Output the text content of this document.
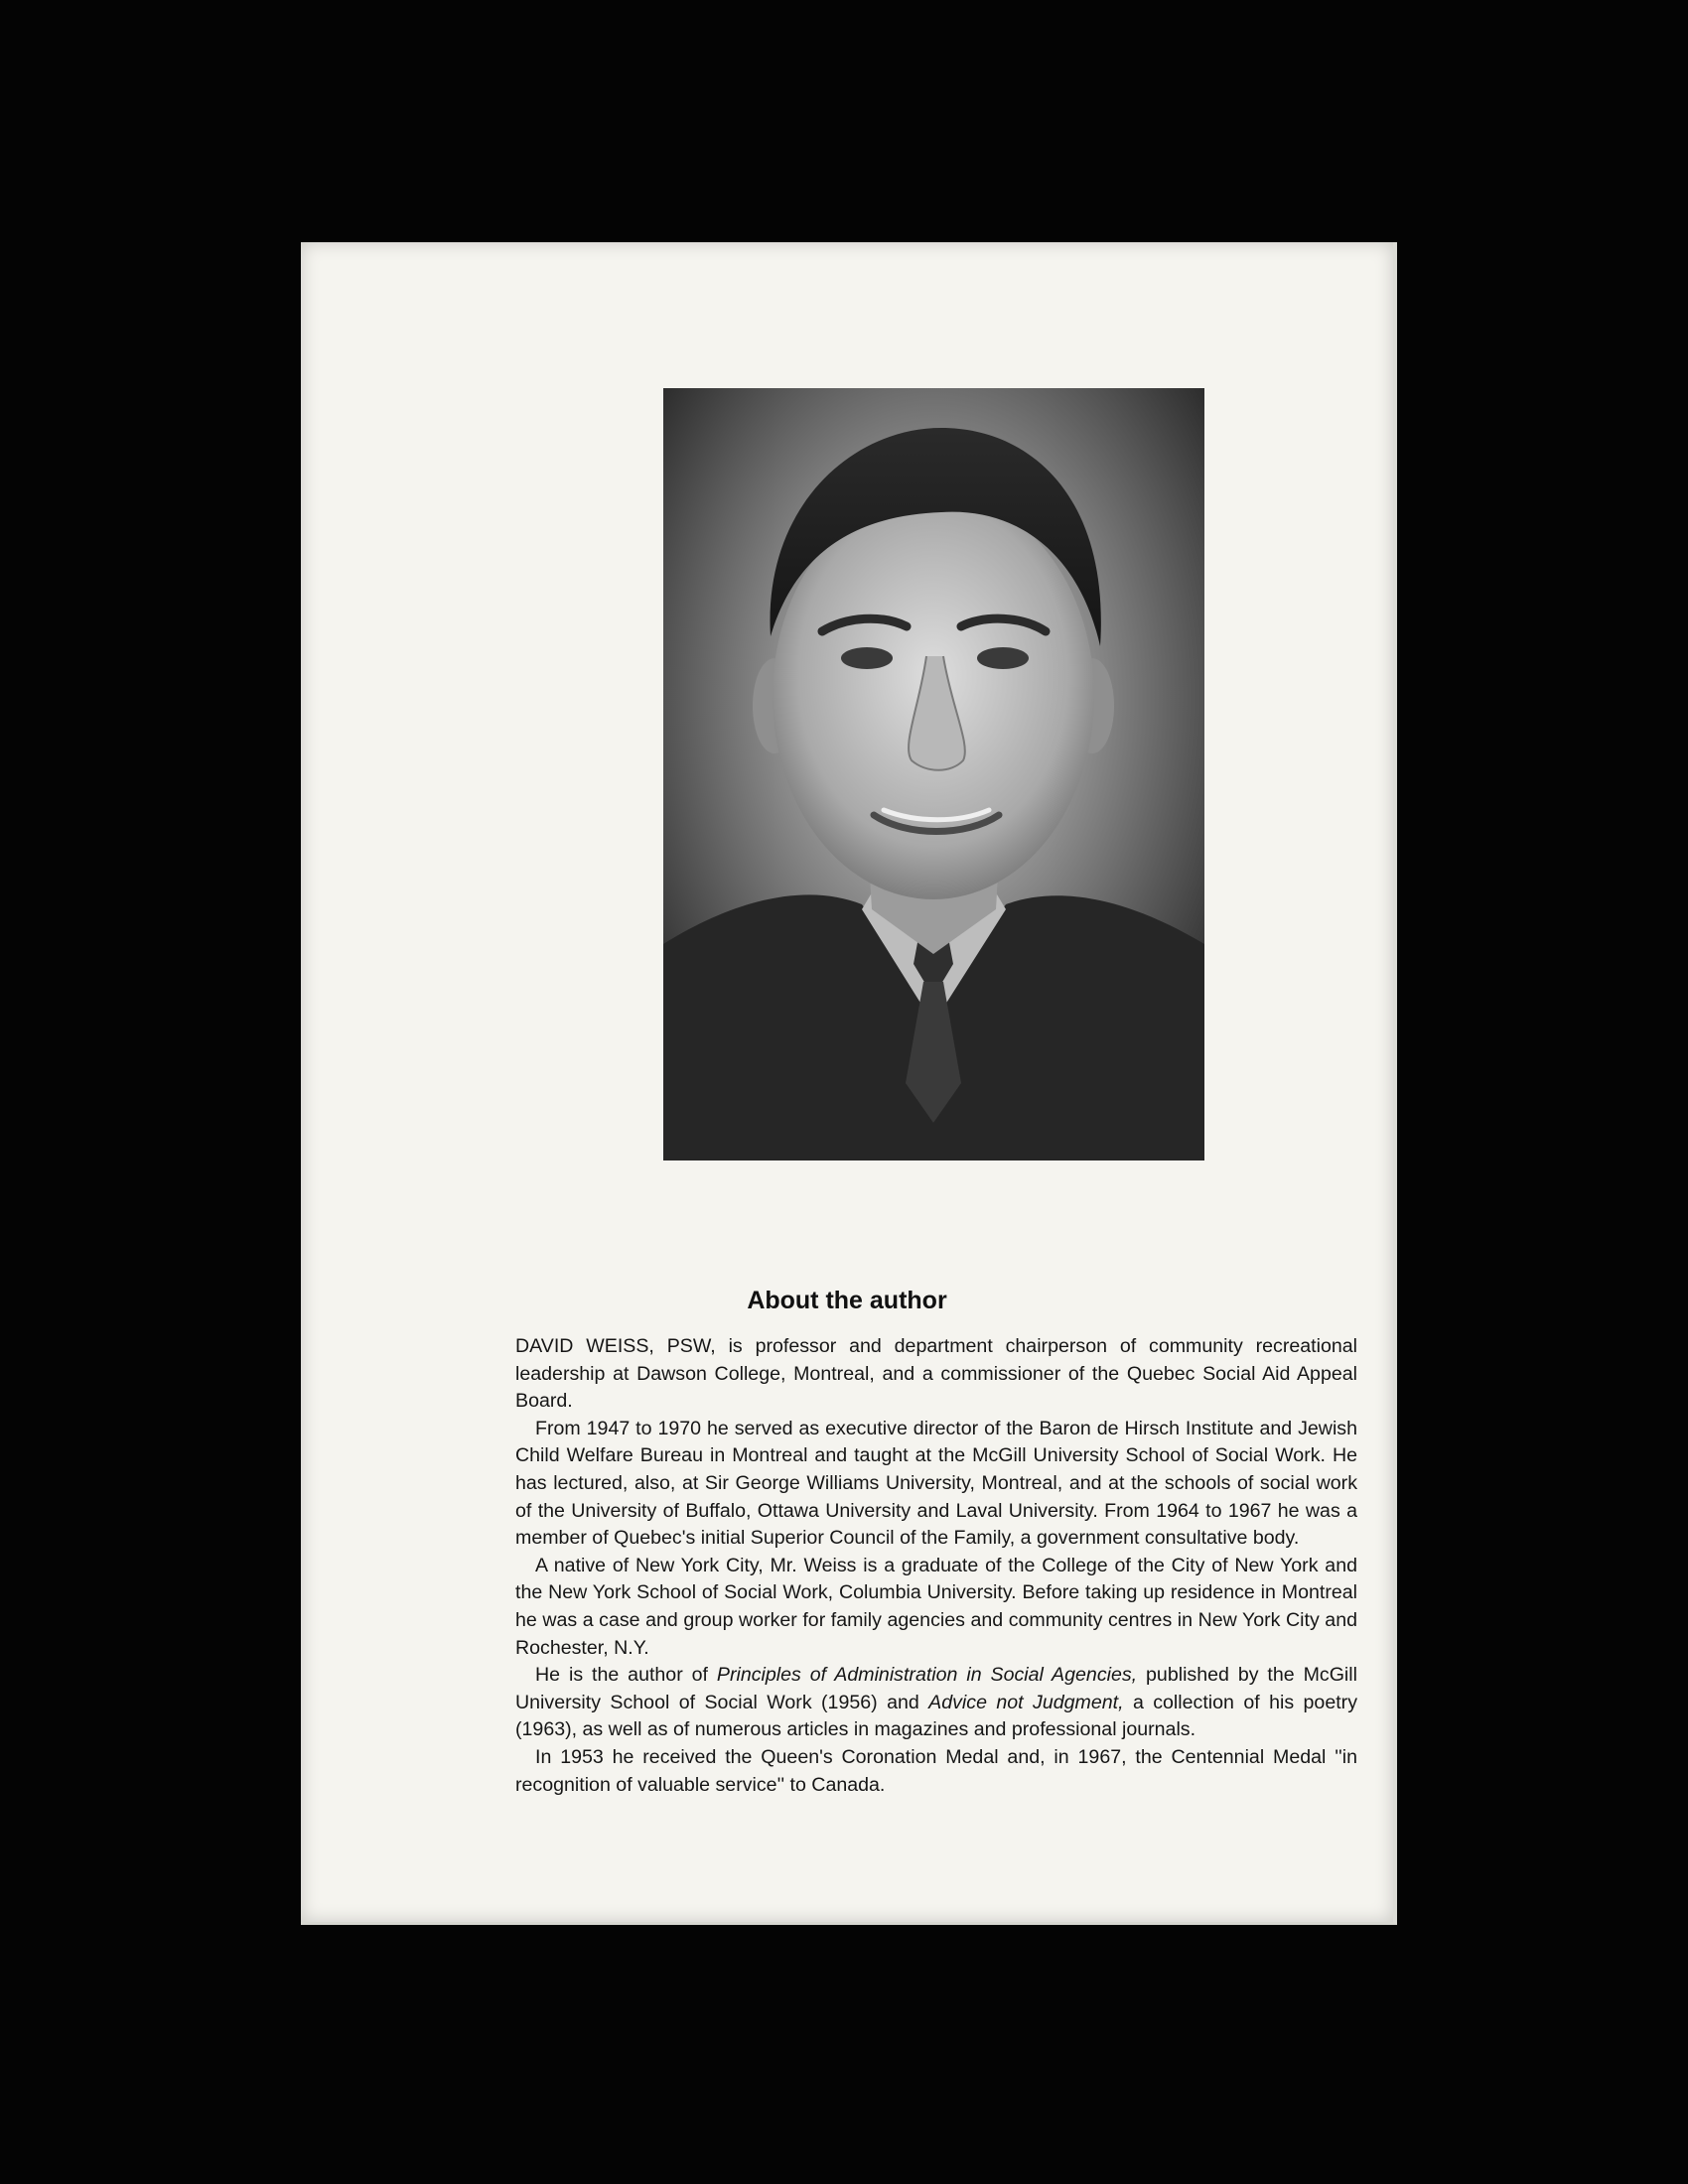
About the author

DAVID WEISS, PSW, is professor and department chairperson of community recreational leadership at Dawson College, Montreal, and a commissioner of the Quebec Social Aid Appeal Board.

From 1947 to 1970 he served as executive director of the Baron de Hirsch Institute and Jewish Child Welfare Bureau in Montreal and taught at the McGill University School of Social Work. He has lectured, also, at Sir George Williams University, Montreal, and at the schools of social work of the University of Buffalo, Ottawa University and Laval University. From 1964 to 1967 he was a member of Quebec's initial Superior Council of the Family, a government consultative body.

A native of New York City, Mr. Weiss is a graduate of the College of the City of New York and the New York School of Social Work, Columbia University. Before taking up residence in Montreal he was a case and group worker for family agencies and community centres in New York City and Rochester, N.Y.

He is the author of Principles of Administration in Social Agencies, published by the McGill University School of Social Work (1956) and Advice not Judgment, a collection of his poetry (1963), as well as of numerous articles in magazines and professional journals.

In 1953 he received the Queen's Coronation Medal and, in 1967, the Centennial Medal ''in recognition of valuable service'' to Canada.
